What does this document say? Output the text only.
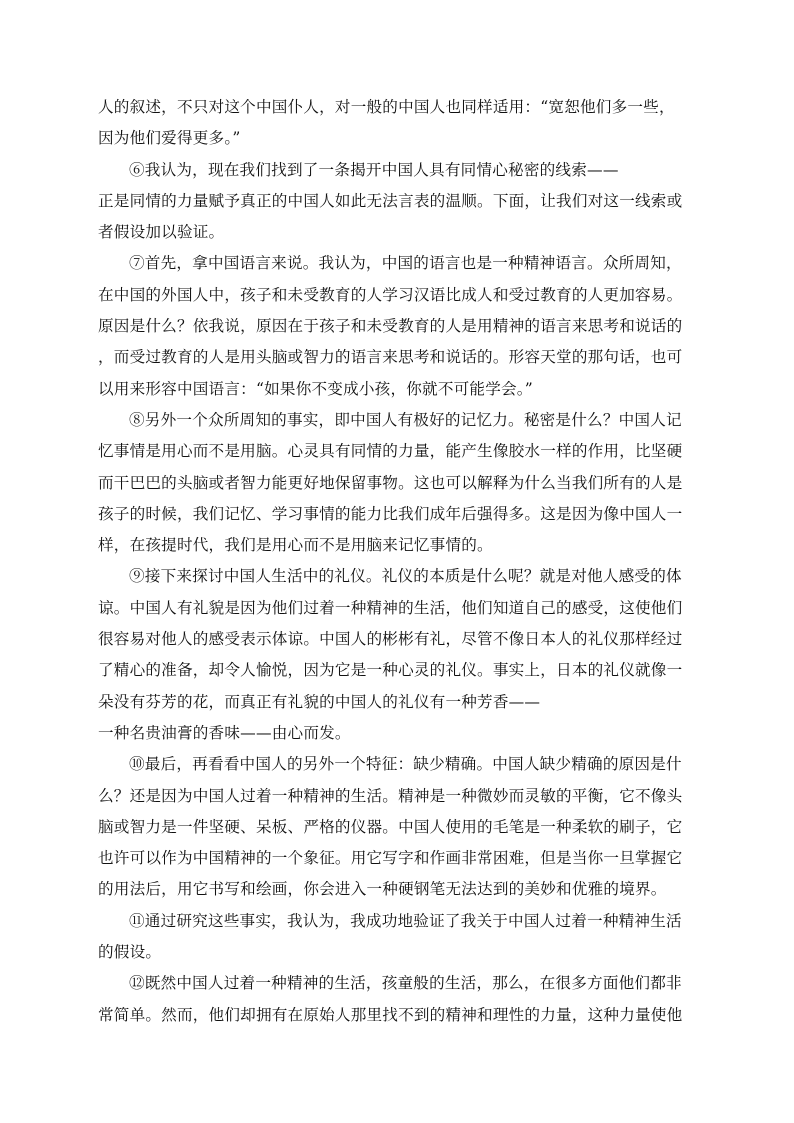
人的叙述，不只对这个中国仆人，对一般的中国人也同样适用：“宽恕他们多一些，
因为他们爱得更多。”
⑥我认为，现在我们找到了一条揭开中国人具有同情心秘密的线索——
正是同情的力量赋予真正的中国人如此无法言表的温顺。下面，让我们对这一线索或
者假设加以验证。
⑦首先，拿中国语言来说。我认为，中国的语言也是一种精神语言。众所周知，
在中国的外国人中，孩子和未受教育的人学习汉语比成人和受过教育的人更加容易。
原因是什么？依我说，原因在于孩子和未受教育的人是用精神的语言来思考和说话的
，而受过教育的人是用头脑或智力的语言来思考和说话的。形容天堂的那句话，也可
以用来形容中国语言：“如果你不变成小孩，你就不可能学会。”
⑧另外一个众所周知的事实，即中国人有极好的记忆力。秘密是什么？中国人记
忆事情是用心而不是用脑。心灵具有同情的力量，能产生像胶水一样的作用，比坚硬
而干巴巴的头脑或者智力能更好地保留事物。这也可以解释为什么当我们所有的人是
孩子的时候，我们记忆、学习事情的能力比我们成年后强得多。这是因为像中国人一
样，在孩提时代，我们是用心而不是用脑来记忆事情的。
⑨接下来探讨中国人生活中的礼仪。礼仪的本质是什么呢？就是对他人感受的体
谅。中国人有礼貌是因为他们过着一种精神的生活，他们知道自己的感受，这使他们
很容易对他人的感受表示体谅。中国人的彬彬有礼，尽管不像日本人的礼仪那样经过
了精心的准备，却令人愉悦，因为它是一种心灵的礼仪。事实上，日本的礼仪就像一
朵没有芬芳的花，而真正有礼貌的中国人的礼仪有一种芳香——
一种名贵油膏的香味——由心而发。
⑩最后，再看看中国人的另外一个特征：缺少精确。中国人缺少精确的原因是什
么？还是因为中国人过着一种精神的生活。精神是一种微妙而灵敏的平衡，它不像头
脑或智力是一件坚硬、呆板、严格的仪器。中国人使用的毛笔是一种柔软的刷子，它
也许可以作为中国精神的一个象征。用它写字和作画非常困难，但是当你一旦掌握它
的用法后，用它书写和绘画，你会进入一种硬钢笔无法达到的美妙和优雅的境界。
⑪通过研究这些事实，我认为，我成功地验证了我关于中国人过着一种精神生活
的假设。
⑫既然中国人过着一种精神的生活，孩童般的生活，那么，在很多方面他们都非
常简单。然而，他们却拥有在原始人那里找不到的精神和理性的力量，这种力量使他
